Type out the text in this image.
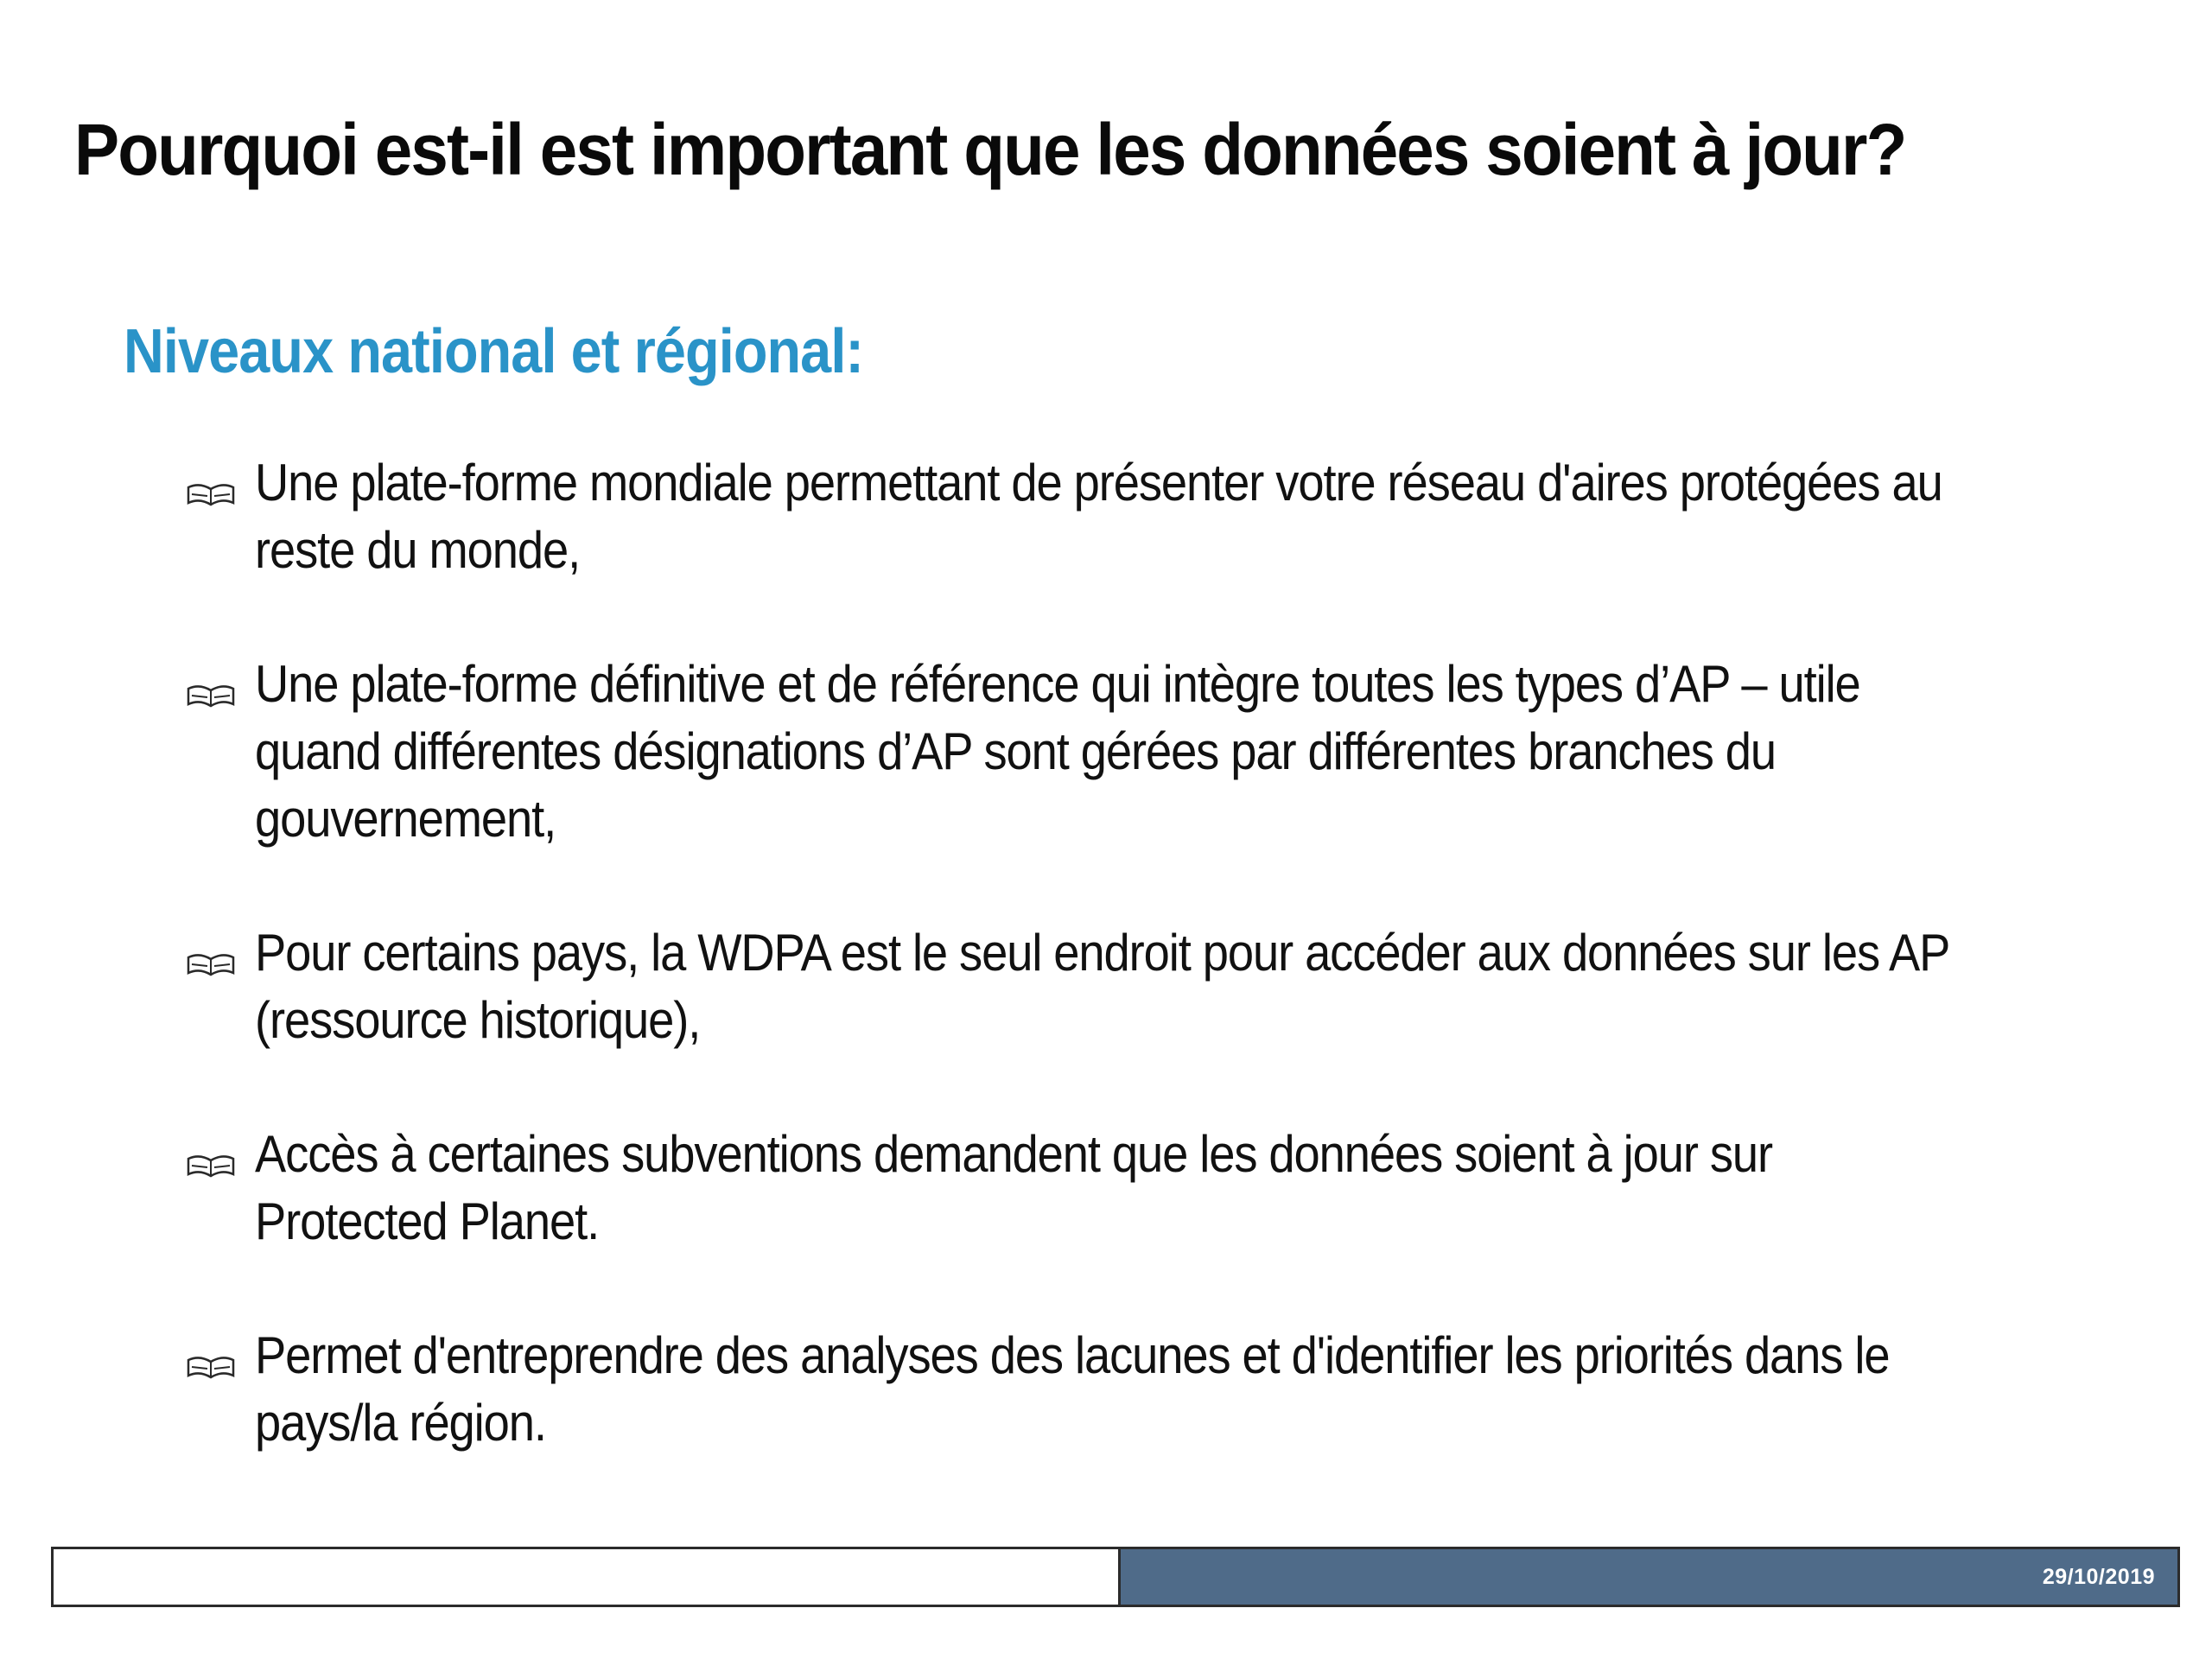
Pourquoi est-il est important que les données soient à jour?
Niveaux national et régional:
Une plate-forme mondiale permettant de présenter votre réseau d'aires protégées au reste du monde,
Une plate-forme définitive et de référence qui intègre toutes les types d’AP – utile quand différentes désignations d’AP sont gérées par différentes branches du gouvernement,
Pour certains pays, la WDPA est le seul endroit pour accéder aux données sur les AP (ressource historique),
Accès à certaines subventions demandent que les données soient à jour sur Protected Planet.
Permet d'entreprendre des analyses des lacunes et d'identifier les priorités dans le pays/la région.
29/10/2019
